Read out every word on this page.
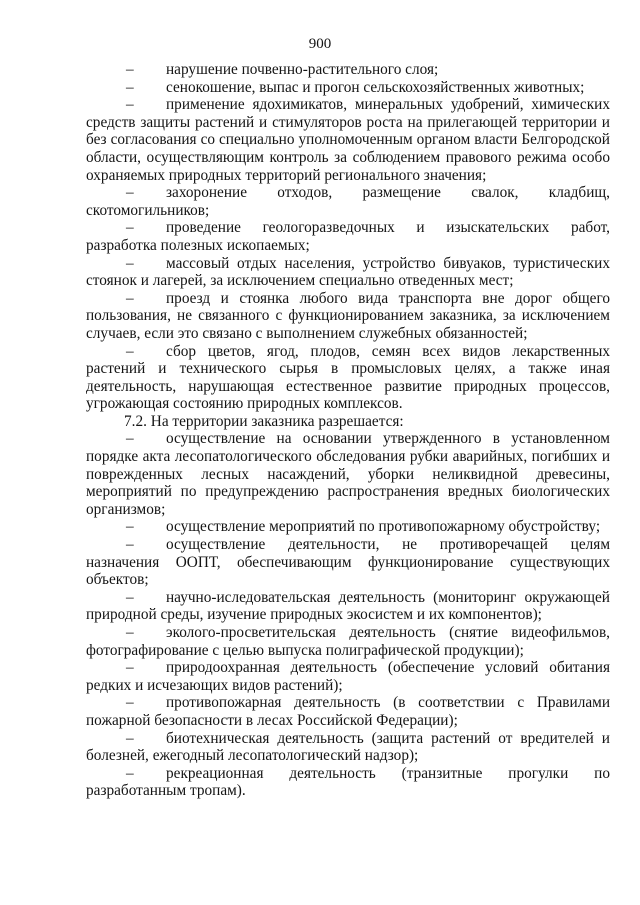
900

– нарушение почвенно-растительного слоя;

– сенокошение, выпас и прогон сельскохозяйственных животных;

– применение ядохимикатов, минеральных удобрений, химических средств защиты растений и стимуляторов роста на прилегающей территории и без согласования со специально уполномоченным органом власти Белгородской области, осуществляющим контроль за соблюдением правового режима особо охраняемых природных территорий регионального значения;

– захоронение отходов, размещение свалок, кладбищ, скотомогильников;

– проведение геологоразведочных и изыскательских работ, разработка полезных ископаемых;

– массовый отдых населения, устройство бивуаков, туристических стоянок и лагерей, за исключением специально отведенных мест;

– проезд и стоянка любого вида транспорта вне дорог общего пользования, не связанного с функционированием заказника, за исключением случаев, если это связано с выполнением служебных обязанностей;

– сбор цветов, ягод, плодов, семян всех видов лекарственных растений и технического сырья в промысловых целях, а также иная деятельность, нарушающая естественное развитие природных процессов, угрожающая состоянию природных комплексов.

7.2. На территории заказника разрешается:

– осуществление на основании утвержденного в установленном порядке акта лесопатологического обследования рубки аварийных, погибших и поврежденных лесных насаждений, уборки неликвидной древесины, мероприятий по предупреждению распространения вредных биологических организмов;

– осуществление мероприятий по противопожарному обустройству;

– осуществление деятельности, не противоречащей целям назначения ООПТ, обеспечивающим функционирование существующих объектов;

– научно-иследовательская деятельность (мониторинг окружающей природной среды, изучение природных экосистем и их компонентов);

– эколого-просветительская деятельность (снятие видеофильмов, фотографирование с целью выпуска полиграфической продукции);

– природоохранная деятельность (обеспечение условий обитания редких и исчезающих видов растений);

– противопожарная деятельность (в соответствии с Правилами пожарной безопасности в лесах Российской Федерации);

– биотехническая деятельность (защита растений от вредителей и болезней, ежегодный лесопатологический надзор);

– рекреационная деятельность (транзитные прогулки по разработанным тропам).
